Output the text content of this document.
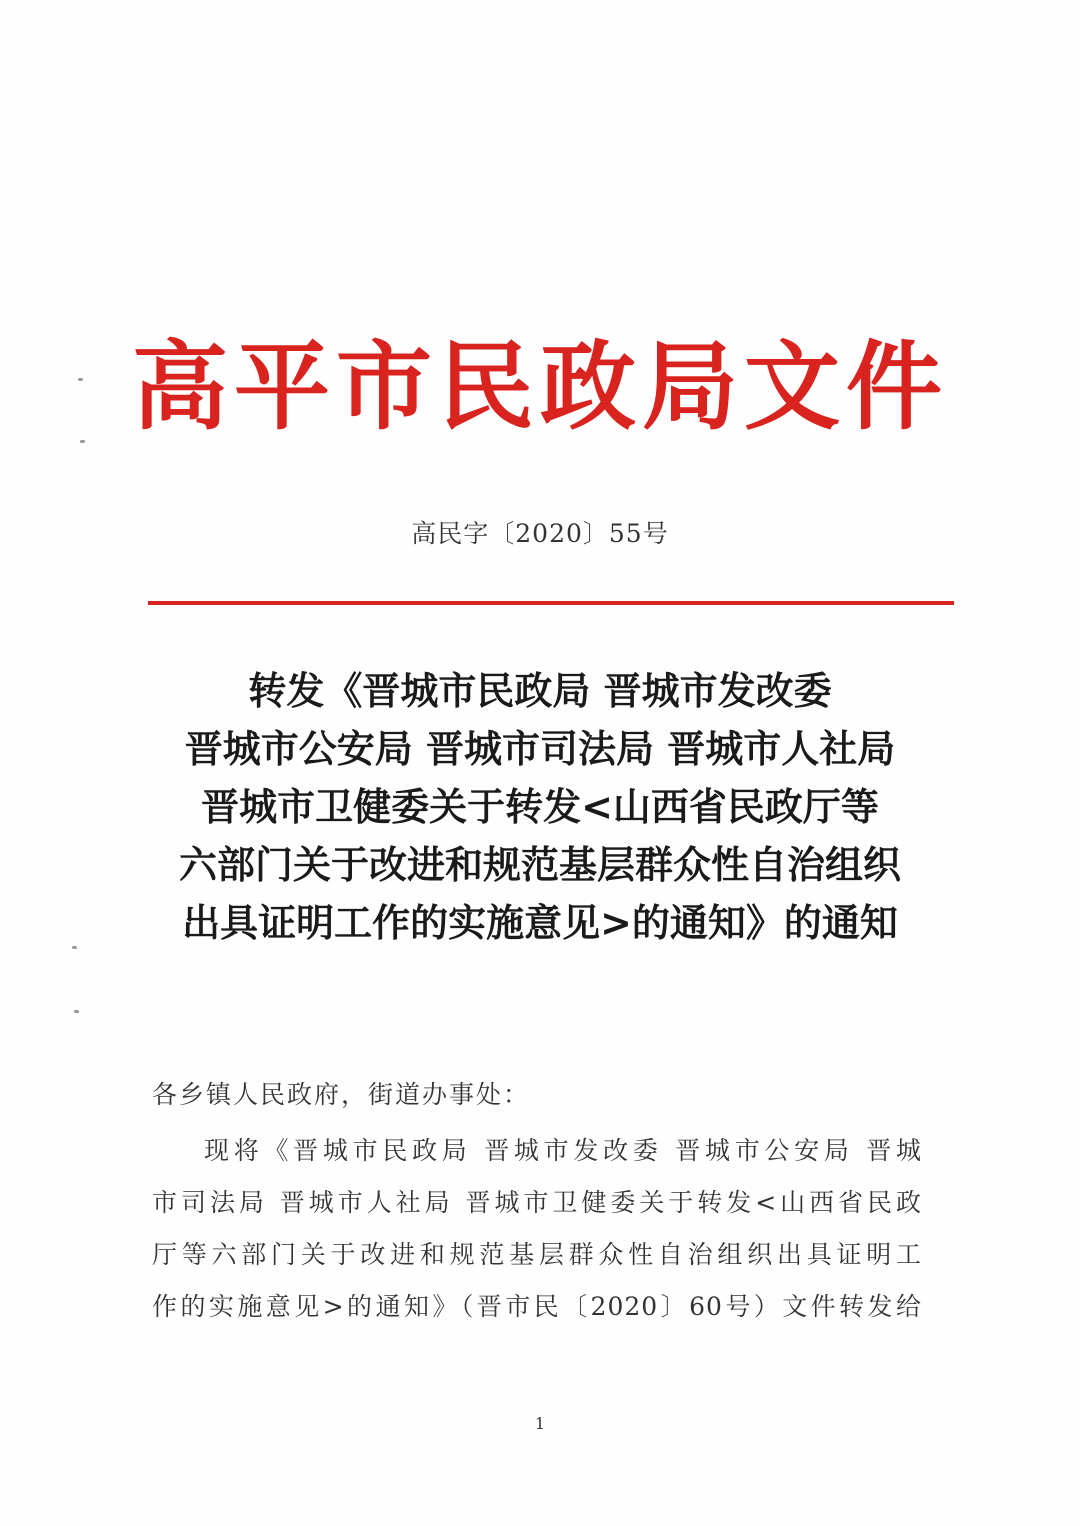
高平市民政局文件
高民字〔2020〕55号
转发《晋城市民政局 晋城市发改委
晋城市公安局 晋城市司法局 晋城市人社局
晋城市卫健委关于转发<山西省民政厅等
六部门关于改进和规范基层群众性自治组织
出具证明工作的实施意见>的通知》的通知
各乡镇人民政府，街道办事处：
现将《晋城市民政局 晋城市发改委 晋城市公安局 晋城
市司法局 晋城市人社局 晋城市卫健委关于转发<山西省民政
厅等六部门关于改进和规范基层群众性自治组织出具证明工
作的实施意见>的通知》（晋市民〔2020〕60号）文件转发给
1
